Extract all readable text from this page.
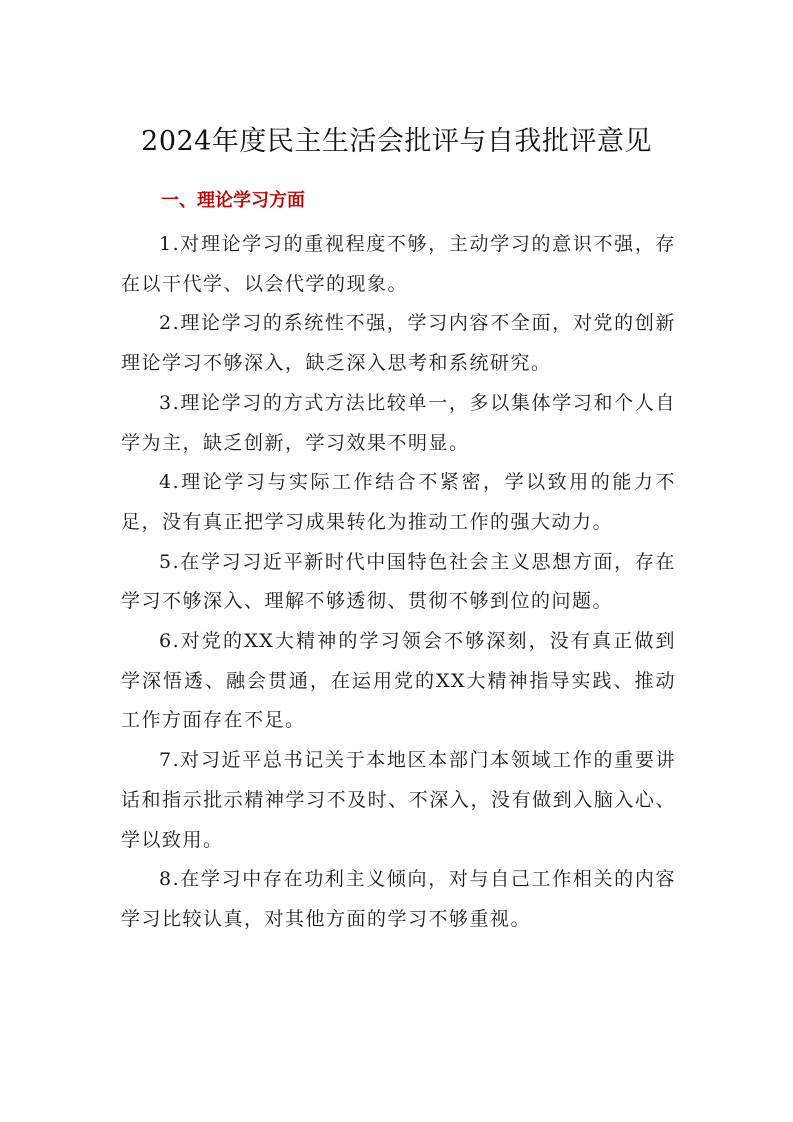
2024年度民主生活会批评与自我批评意见
一、理论学习方面

1.对理论学习的重视程度不够，主动学习的意识不强，存在以干代学、以会代学的现象。

2.理论学习的系统性不强，学习内容不全面，对党的创新理论学习不够深入，缺乏深入思考和系统研究。

3.理论学习的方式方法比较单一，多以集体学习和个人自学为主，缺乏创新，学习效果不明显。

4.理论学习与实际工作结合不紧密，学以致用的能力不足，没有真正把学习成果转化为推动工作的强大动力。

5.在学习习近平新时代中国特色社会主义思想方面，存在学习不够深入、理解不够透彻、贯彻不够到位的问题。

6.对党的XX大精神的学习领会不够深刻，没有真正做到学深悟透、融会贯通，在运用党的XX大精神指导实践、推动工作方面存在不足。

7.对习近平总书记关于本地区本部门本领域工作的重要讲话和指示批示精神学习不及时、不深入，没有做到入脑入心、学以致用。

8.在学习中存在功利主义倾向，对与自己工作相关的内容学习比较认真，对其他方面的学习不够重视。
